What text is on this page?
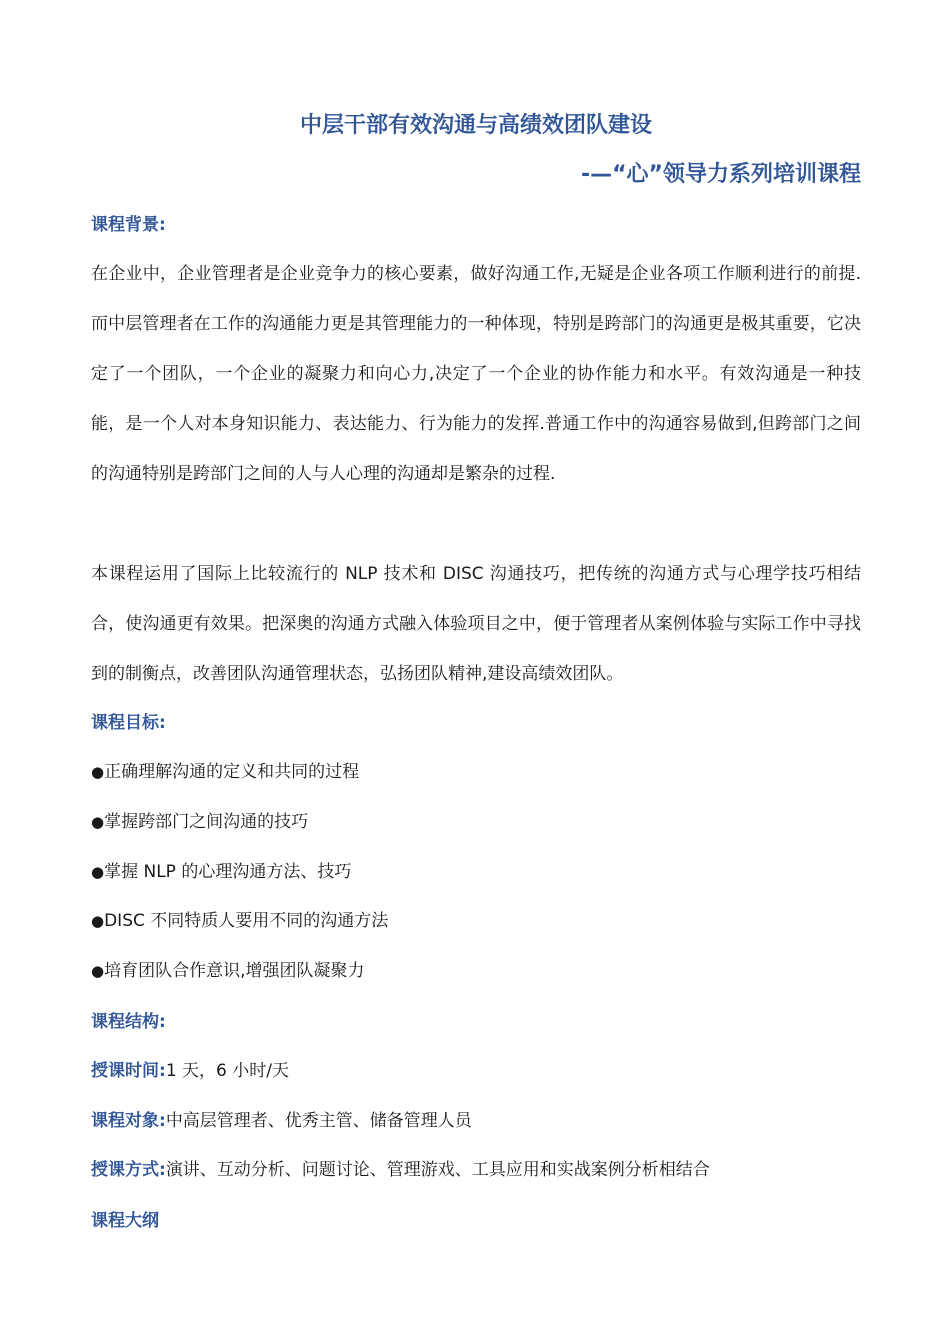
中层干部有效沟通与高绩效团队建设
-—“心”领导力系列培训课程
课程背景:

在企业中，企业管理者是企业竞争力的核心要素，做好沟通工作,无疑是企业各项工作顺利进行的前提.而中层管理者在工作的沟通能力更是其管理能力的一种体现，特别是跨部门的沟通更是极其重要，它决定了一个团队，一个企业的凝聚力和向心力,决定了一个企业的协作能力和水平。有效沟通是一种技能，是一个人对本身知识能力、表达能力、行为能力的发挥.普通工作中的沟通容易做到,但跨部门之间的沟通特别是跨部门之间的人与人心理的沟通却是繁杂的过程.

本课程运用了国际上比较流行的 NLP 技术和 DISC 沟通技巧，把传统的沟通方式与心理学技巧相结合，使沟通更有效果。把深奥的沟通方式融入体验项目之中，便于管理者从案例体验与实际工作中寻找到的制衡点，改善团队沟通管理状态，弘扬团队精神,建设高绩效团队。

课程目标:

●正确理解沟通的定义和共同的过程

●掌握跨部门之间沟通的技巧

●掌握 NLP 的心理沟通方法、技巧

●DISC 不同特质人要用不同的沟通方法

●培育团队合作意识,增强团队凝聚力

课程结构:

授课时间:1 天，6 小时/天

课程对象:中高层管理者、优秀主管、储备管理人员

授课方式:演讲、互动分析、问题讨论、管理游戏、工具应用和实战案例分析相结合

课程大纲
